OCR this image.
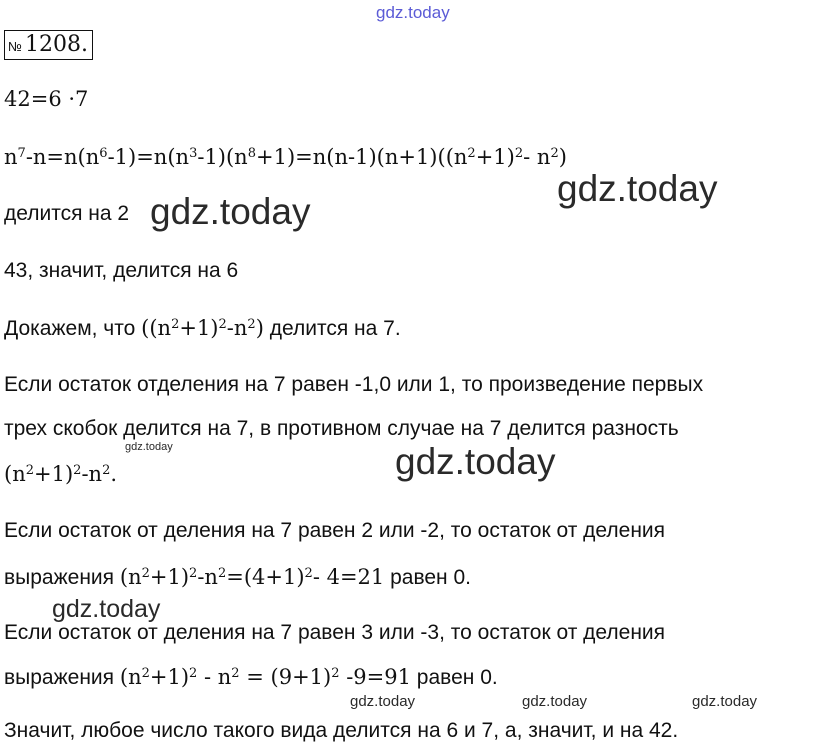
gdz.today
№ 1208.
42=6 ·7
$n^7-n=n(n^6-1)=n(n^3-1)(n^8+1)=n(n-1)(n+1)((n^2+1)^2-$ $n^2$)
gdz.today
делится на 2 gdz.today
43, значит, делится на 6
Докажем, что $((n^2+1)^2-n^2)$ делится на 7.
Если остаток отделения на 7 равен -1,0 или 1, то произведение первых
трех скобок делится на 7, в противном случае на 7 делится разность
gdz.today	gdz.today
$(n^2+1)^2-n^2$.
Если остаток от деления на 7 равен 2 или -2, то остаток от деления
выражения $(n^2+1)^2-n^2=(4+1)^2-$ 4=21 равен 0.
gdz.today
Если остаток от деления на 7 равен 3 или -3, то остаток от деления
выражения $(n^2+1)^2 - n^2 = (9+1)^2$ -9=91 равен 0.
gdz.today	gdz.today	gdz.today
Значит, любое число такого вида делится на 6 и 7, а, значит, и на 42.
